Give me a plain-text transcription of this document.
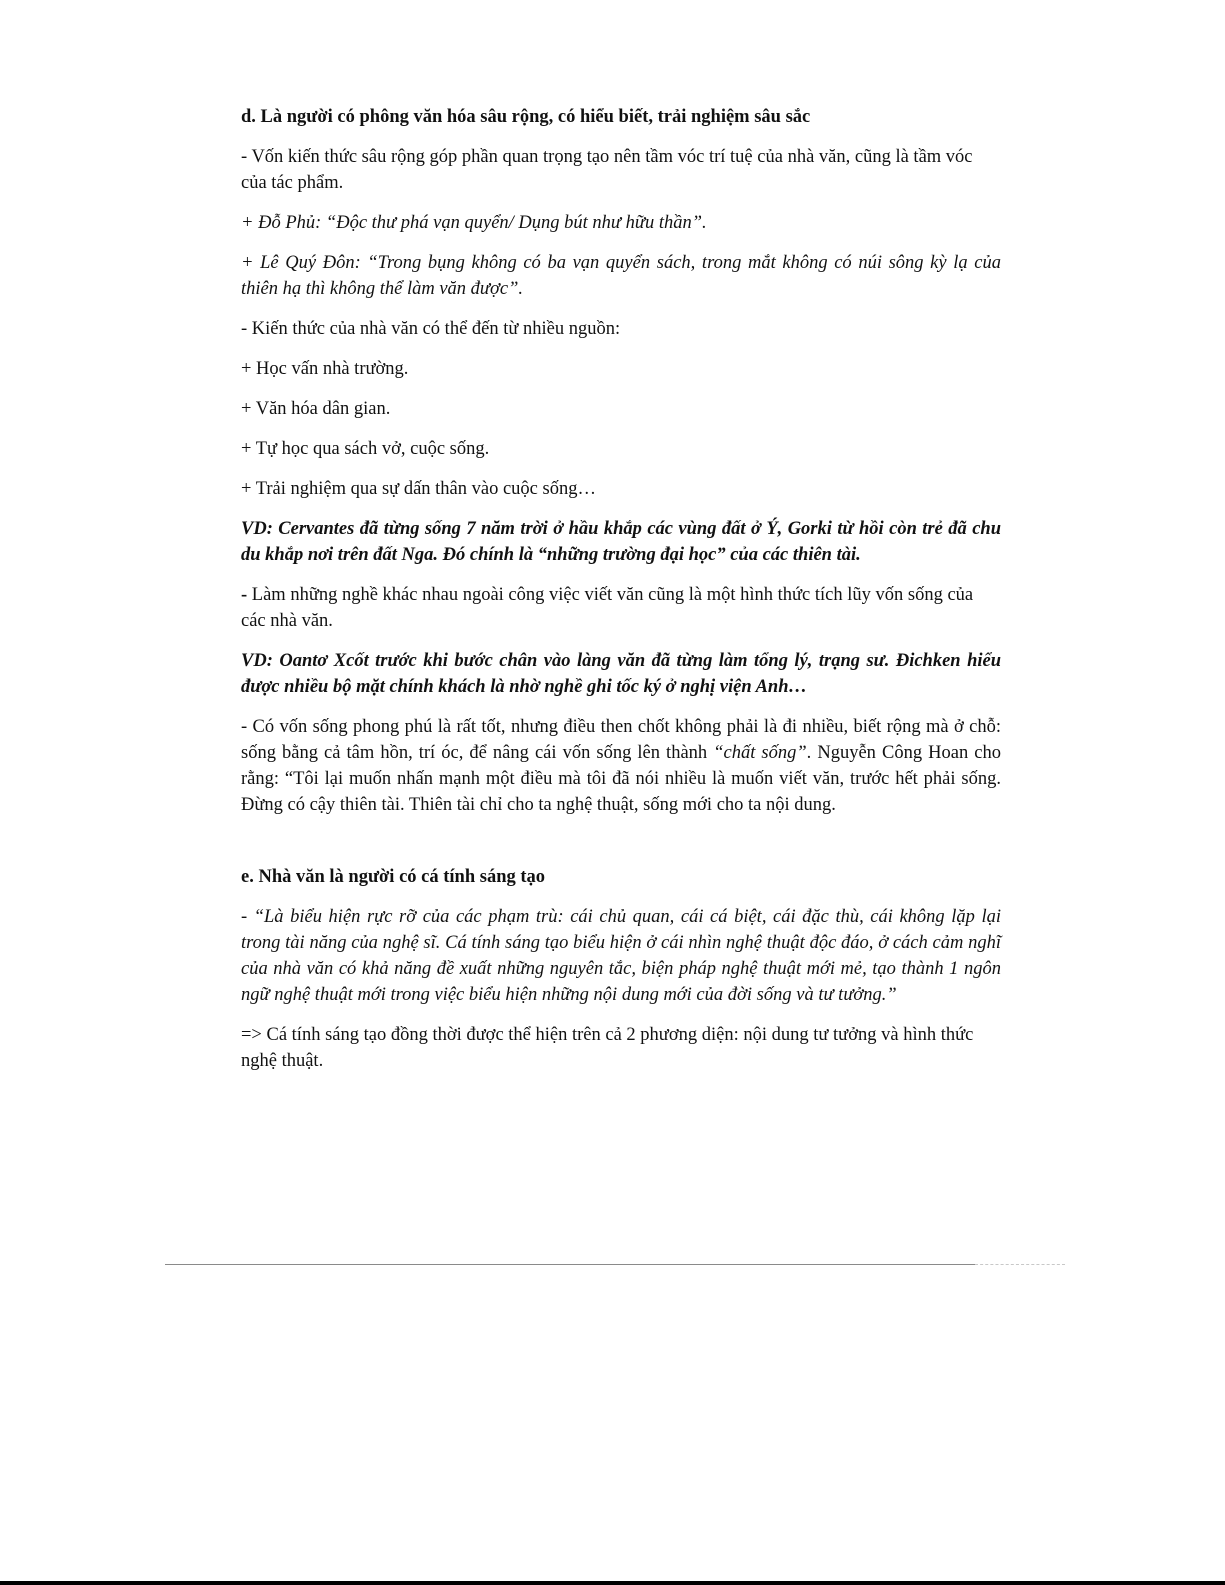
d. Là người có phông văn hóa sâu rộng, có hiểu biết, trải nghiệm sâu sắc

- Vốn kiến thức sâu rộng góp phần quan trọng tạo nên tầm vóc trí tuệ của nhà văn, cũng là tầm vóc của tác phẩm.

+ Đỗ Phủ: “Độc thư phá vạn quyển/ Dụng bút như hữu thần”.

+ Lê Quý Đôn: “Trong bụng không có ba vạn quyển sách, trong mắt không có núi sông kỳ lạ của thiên hạ thì không thể làm văn được”.

- Kiến thức của nhà văn có thể đến từ nhiều nguồn:

+ Học vấn nhà trường.

+ Văn hóa dân gian.

+ Tự học qua sách vở, cuộc sống.

+ Trải nghiệm qua sự dấn thân vào cuộc sống…

VD: Cervantes đã từng sống 7 năm trời ở hầu khắp các vùng đất ở Ý, Gorki từ hồi còn trẻ đã chu du khắp nơi trên đất Nga. Đó chính là “những trường đại học” của các thiên tài.

- Làm những nghề khác nhau ngoài công việc viết văn cũng là một hình thức tích lũy vốn sống của các nhà văn.

VD: Oantơ Xcốt trước khi bước chân vào làng văn đã từng làm tổng lý, trạng sư. Đichken hiểu được nhiều bộ mặt chính khách là nhờ nghề ghi tốc ký ở nghị viện Anh…

- Có vốn sống phong phú là rất tốt, nhưng điều then chốt không phải là đi nhiều, biết rộng mà ở chỗ: sống bằng cả tâm hồn, trí óc, để nâng cái vốn sống lên thành “chất sống”. Nguyễn Công Hoan cho rằng: “Tôi lại muốn nhấn mạnh một điều mà tôi đã nói nhiều là muốn viết văn, trước hết phải sống. Đừng có cậy thiên tài. Thiên tài chỉ cho ta nghệ thuật, sống mới cho ta nội dung.

e. Nhà văn là người có cá tính sáng tạo

- “Là biểu hiện rực rỡ của các phạm trù: cái chủ quan, cái cá biệt, cái đặc thù, cái không lặp lại trong tài năng của nghệ sĩ. Cá tính sáng tạo biểu hiện ở cái nhìn nghệ thuật độc đáo, ở cách cảm nghĩ của nhà văn có khả năng đề xuất những nguyên tắc, biện pháp nghệ thuật mới mẻ, tạo thành 1 ngôn ngữ nghệ thuật mới trong việc biểu hiện những nội dung mới của đời sống và tư tưởng.”

=> Cá tính sáng tạo đồng thời được thể hiện trên cả 2 phương diện: nội dung tư tưởng và hình thức nghệ thuật.
